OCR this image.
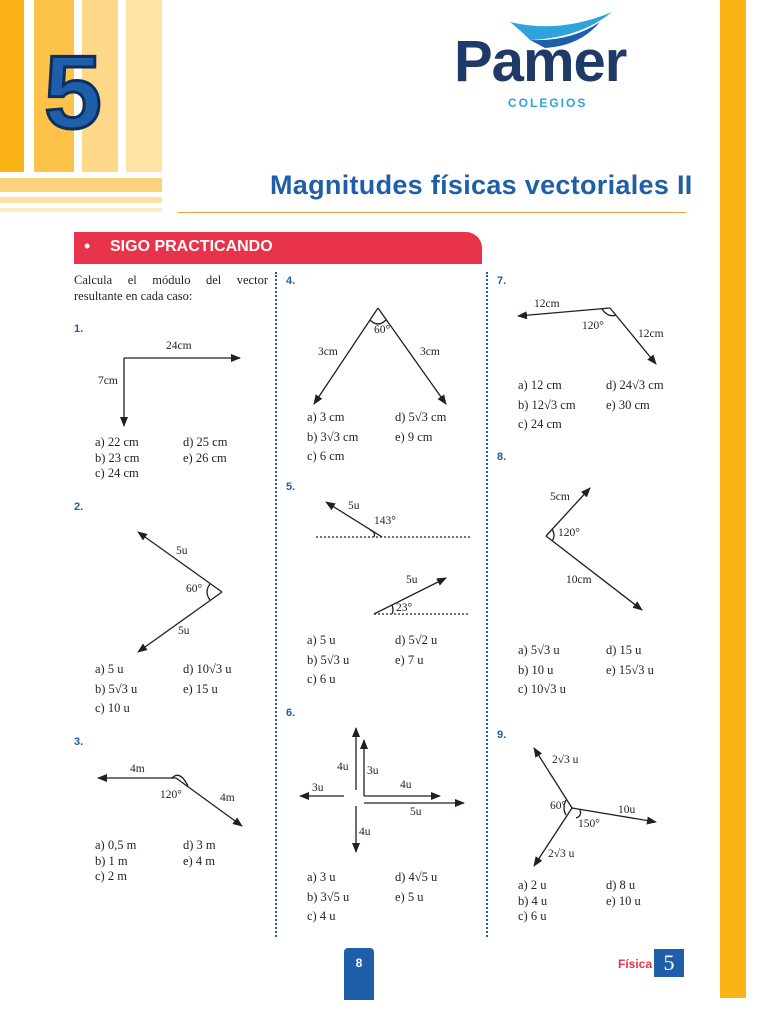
5	Pamer
COLEGIOS
Magnitudes físicas vectoriales II
• SIGO PRACTICANDO
Calcula el módulo del vector resultante en cada caso:
1.
24cm
7cm
a) 22 cm	d) 25 cm
b) 23 cm	e) 26 cm
c) 24 cm
2.
5u
60°
5u
a) 5 u	d) 10√3 u
b) 5√3 u	e) 15 u
c) 10 u
3.
4m
120°	4m
a) 0,5 m	d) 3 m
b) 1 m	e) 4 m
c) 2 m
4.
60°
3cm	3cm
a) 3 cm	d) 5√3 cm
b) 3√3 cm	e) 9 cm
c) 6 cm
5.
5u
143°
5u
23°
a) 5 u	d) 5√2 u
b) 5√3 u	e) 7 u
c) 6 u
6.
4u 3u
3u	4u
5u
4u
a) 3 u	d) 4√5 u
b) 3√5 u	e) 5 u
c) 4 u
7.
12cm
120°
12cm
a) 12 cm	d) 24√3 cm
b) 12√3 cm	e) 30 cm
c) 24 cm
8.
5cm
120°
10cm
a) 5√3 u	d) 15 u
b) 10 u	e) 15√3 u
c) 10√3 u
9.
2√3 u
60°	10u
150°
2√3 u
a) 2 u	d) 8 u
b) 4 u	e) 10 u
c) 6 u
8	Física 5
